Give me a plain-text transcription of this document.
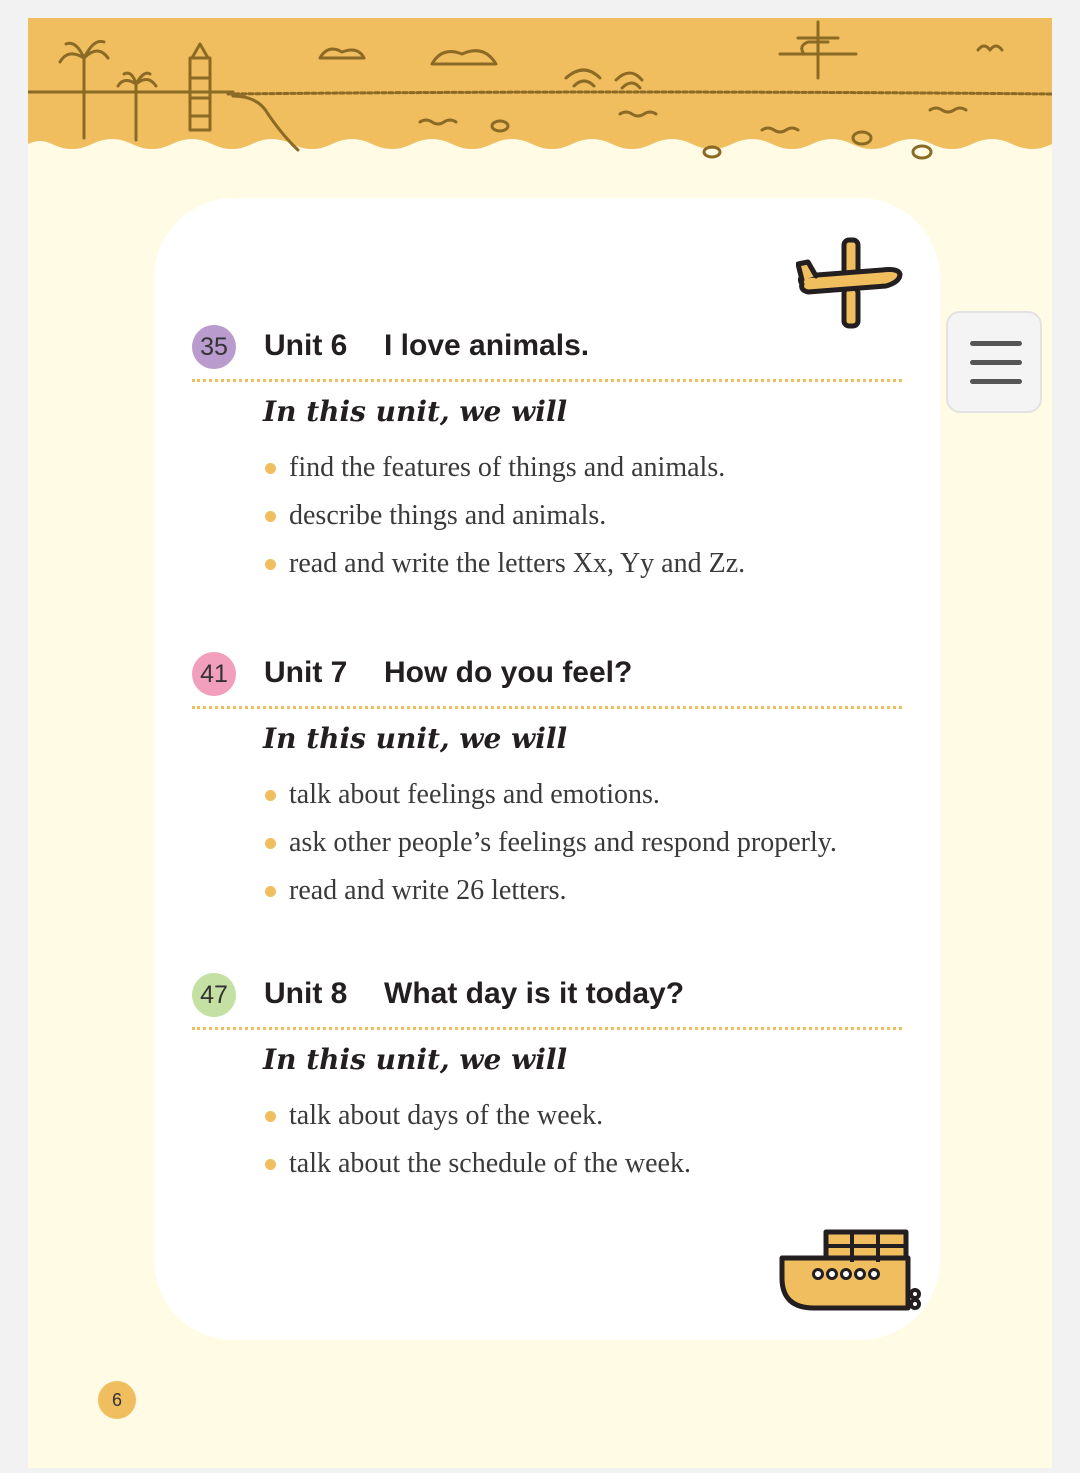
35 Unit 6 I love animals.
In this unit, we will
find the features of things and animals.
describe things and animals.
read and write the letters Xx, Yy and Zz.
41 Unit 7 How do you feel?
In this unit, we will
talk about feelings and emotions.
ask other people’s feelings and respond properly.
read and write 26 letters.
47 Unit 8 What day is it today?
In this unit, we will
talk about days of the week.
talk about the schedule of the week.
6
